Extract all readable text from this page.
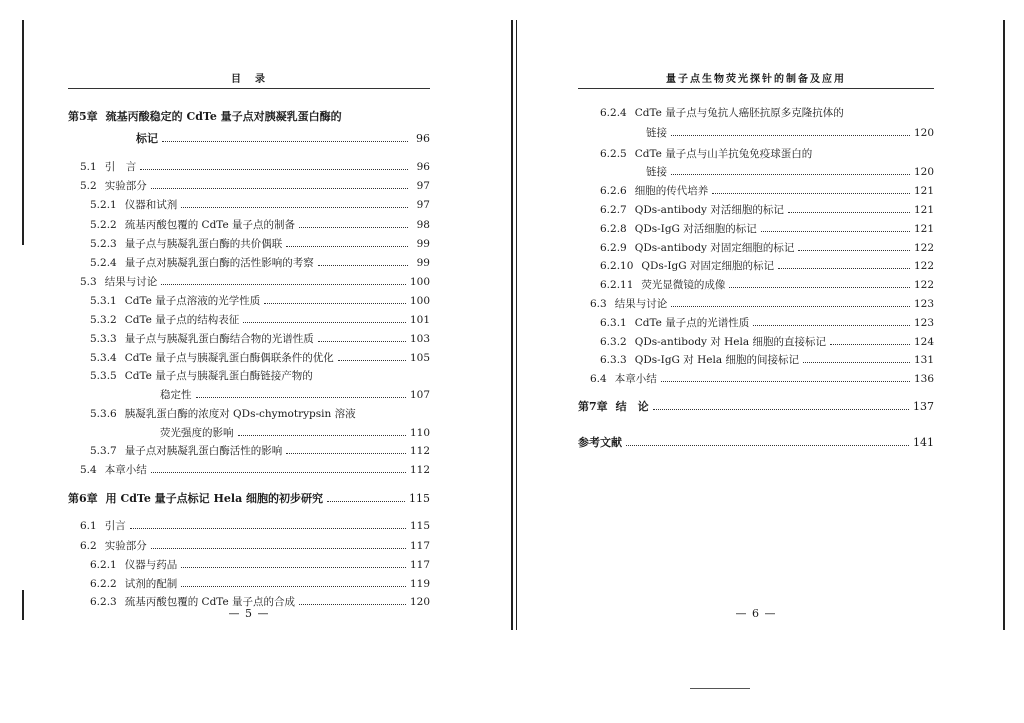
目　录
第5章 巯基丙酸稳定的 CdTe 量子点对胰凝乳蛋白酶的
标记	96
5.1 引　言	96
5.2 实验部分	97
5.2.1 仪器和试剂	97
5.2.2 巯基丙酸包覆的 CdTe 量子点的制备	98
5.2.3 量子点与胰凝乳蛋白酶的共价偶联	99
5.2.4 量子点对胰凝乳蛋白酶的活性影响的考察	99
5.3 结果与讨论	100
5.3.1 CdTe 量子点溶液的光学性质	100
5.3.2 CdTe 量子点的结构表征	101
5.3.3 量子点与胰凝乳蛋白酶结合物的光谱性质	103
5.3.4 CdTe 量子点与胰凝乳蛋白酶偶联条件的优化	105
5.3.5 CdTe 量子点与胰凝乳蛋白酶链接产物的
稳定性	107
5.3.6 胰凝乳蛋白酶的浓度对 QDs-chymotrypsin 溶液
荧光强度的影响	110
5.3.7 量子点对胰凝乳蛋白酶活性的影响	112
5.4 本章小结	112
第6章 用 CdTe 量子点标记 Hela 细胞的初步研究	115
6.1 引言	115
6.2 实验部分	117
6.2.1 仪器与药品	117
6.2.2 试剂的配制	119
6.2.3 巯基丙酸包覆的 CdTe 量子点的合成	120
— 5 —
量子点生物荧光探针的制备及应用
6.2.4 CdTe 量子点与兔抗人癌胚抗原多克隆抗体的
链接	120
6.2.5 CdTe 量子点与山羊抗兔免疫球蛋白的
链接	120
6.2.6 细胞的传代培养	121
6.2.7 QDs-antibody 对活细胞的标记	121
6.2.8 QDs-IgG 对活细胞的标记	121
6.2.9 QDs-antibody 对固定细胞的标记	122
6.2.10 QDs-IgG 对固定细胞的标记	122
6.2.11 荧光显微镜的成像	122
6.3 结果与讨论	123
6.3.1 CdTe 量子点的光谱性质	123
6.3.2 QDs-antibody 对 Hela 细胞的直接标记	124
6.3.3 QDs-IgG 对 Hela 细胞的间接标记	131
6.4 本章小结	136
第7章 结　论	137
参考文献	141
— 6 —
